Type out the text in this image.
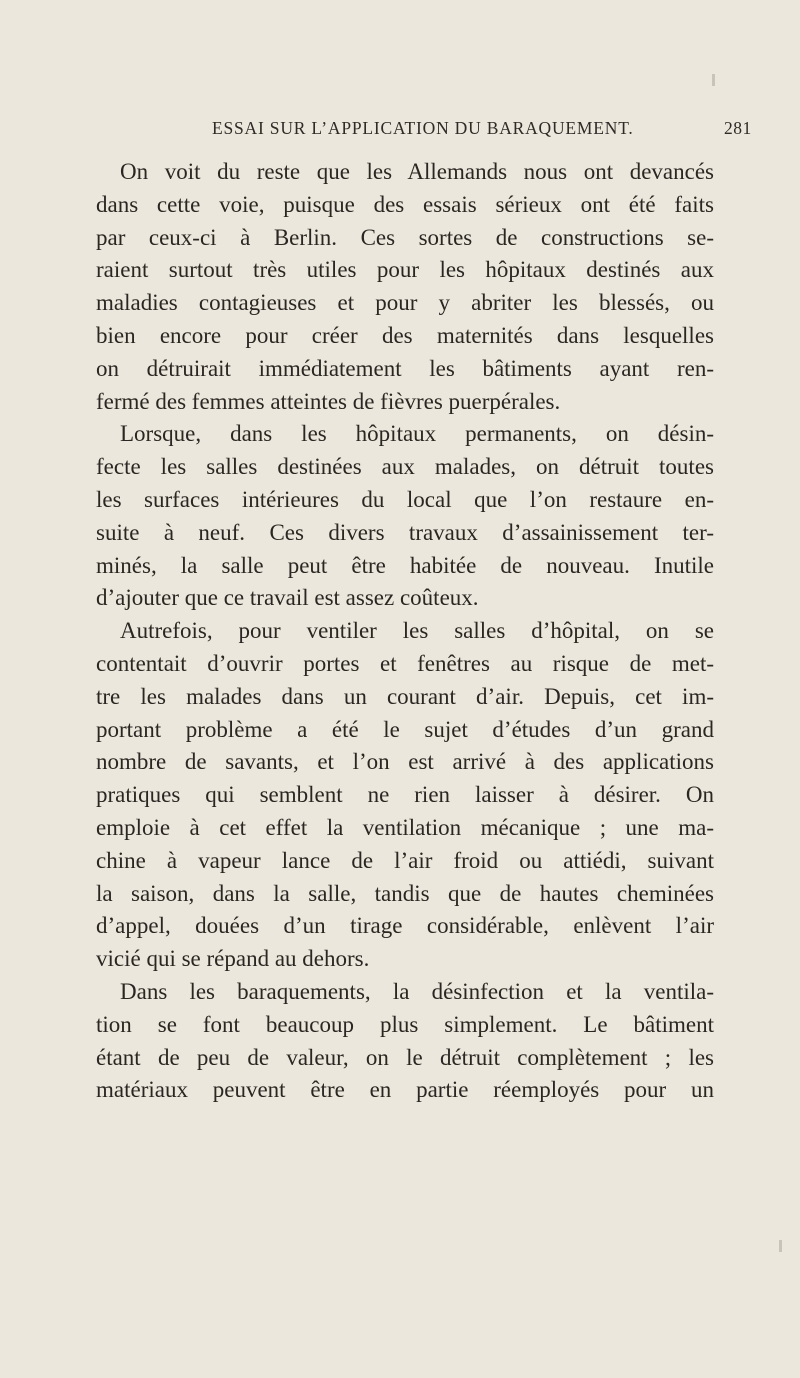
ESSAI SUR L’APPLICATION DU BARAQUEMENT.	281
On voit du reste que les Allemands nous ont devancés
dans cette voie, puisque des essais sérieux ont été faits
par ceux-ci à Berlin. Ces sortes de constructions se-
raient surtout très utiles pour les hôpitaux destinés aux
maladies contagieuses et pour y abriter les blessés, ou
bien encore pour créer des maternités dans lesquelles
on détruirait immédiatement les bâtiments ayant ren-
fermé des femmes atteintes de fièvres puerpérales.
Lorsque, dans les hôpitaux permanents, on désin-
fecte les salles destinées aux malades, on détruit toutes
les surfaces intérieures du local que l’on restaure en-
suite à neuf. Ces divers travaux d’assainissement ter-
minés, la salle peut être habitée de nouveau. Inutile
d’ajouter que ce travail est assez coûteux.
Autrefois, pour ventiler les salles d’hôpital, on se
contentait d’ouvrir portes et fenêtres au risque de met-
tre les malades dans un courant d’air. Depuis, cet im-
portant problème a été le sujet d’études d’un grand
nombre de savants, et l’on est arrivé à des applications
pratiques qui semblent ne rien laisser à désirer. On
emploie à cet effet la ventilation mécanique ; une ma-
chine à vapeur lance de l’air froid ou attiédi, suivant
la saison, dans la salle, tandis que de hautes cheminées
d’appel, douées d’un tirage considérable, enlèvent l’air
vicié qui se répand au dehors.
Dans les baraquements, la désinfection et la ventila-
tion se font beaucoup plus simplement. Le bâtiment
étant de peu de valeur, on le détruit complètement ; les
matériaux peuvent être en partie réemployés pour un
